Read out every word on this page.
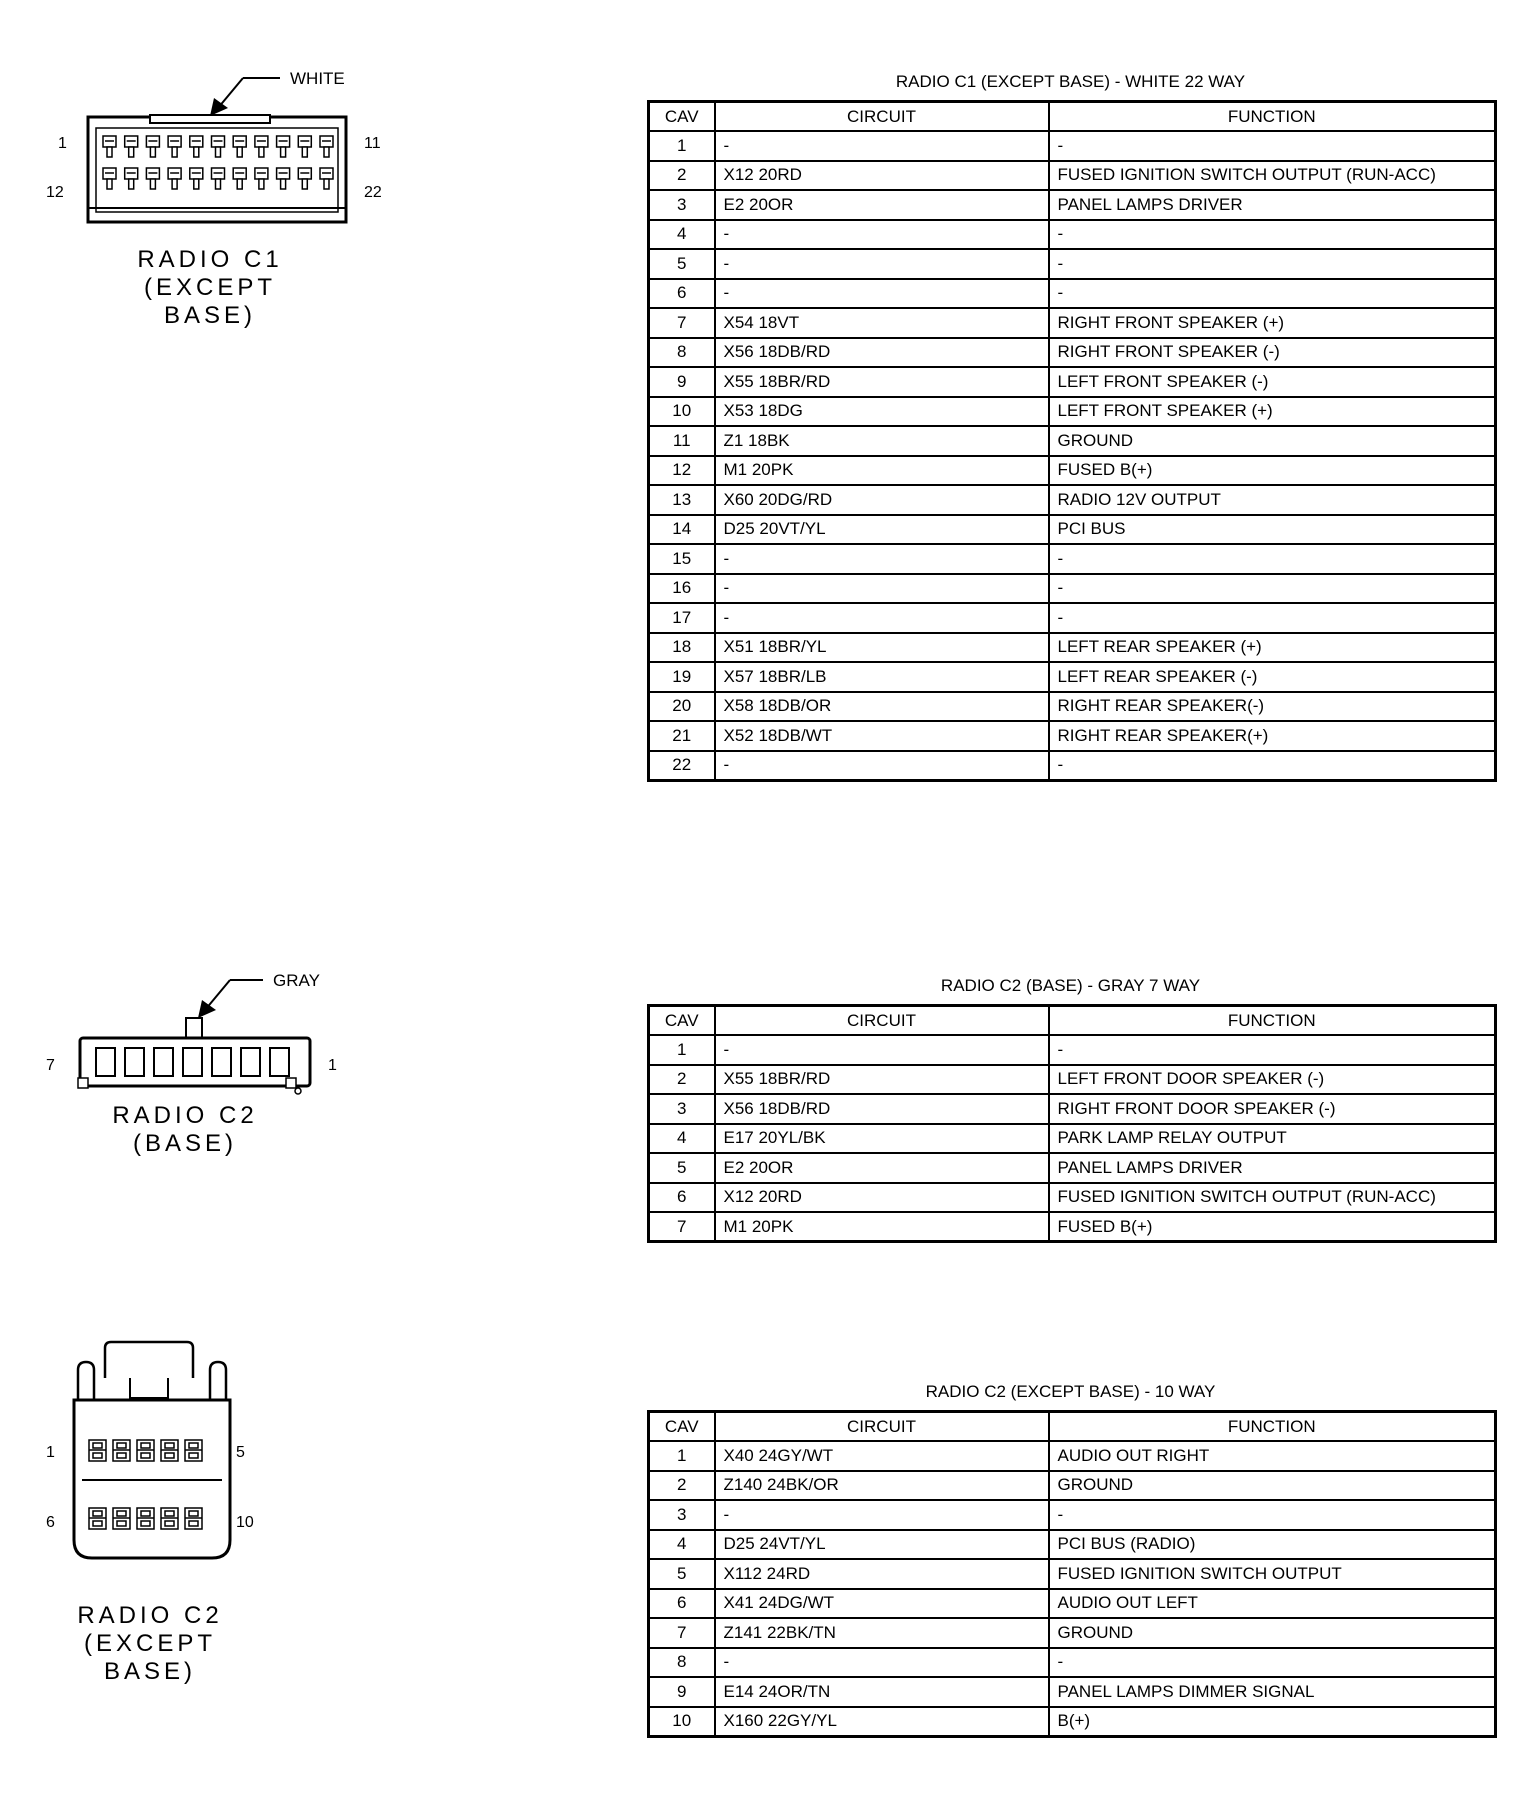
WHITE
1	11
12	22
RADIO C1
(EXCEPT
BASE)
RADIO C1 (EXCEPT BASE) - WHITE 22 WAY
CAV	CIRCUIT	FUNCTION
1	-	-
2	X12 20RD	FUSED IGNITION SWITCH OUTPUT (RUN-ACC)
3	E2 20OR	PANEL LAMPS DRIVER
4	-	-
5	-	-
6	-	-
7	X54 18VT	RIGHT FRONT SPEAKER (+)
8	X56 18DB/RD	RIGHT FRONT SPEAKER (-)
9	X55 18BR/RD	LEFT FRONT SPEAKER (-)
10	X53 18DG	LEFT FRONT SPEAKER (+)
11	Z1 18BK	GROUND
12	M1 20PK	FUSED B(+)
13	X60 20DG/RD	RADIO 12V OUTPUT
14	D25 20VT/YL	PCI BUS
15	-	-
16	-	-
17	-	-
18	X51 18BR/YL	LEFT REAR SPEAKER (+)
19	X57 18BR/LB	LEFT REAR SPEAKER (-)
20	X58 18DB/OR	RIGHT REAR SPEAKER(-)
21	X52 18DB/WT	RIGHT REAR SPEAKER(+)
22	-	-
GRAY
7	1
RADIO C2
(BASE)
RADIO C2 (BASE) - GRAY 7 WAY
CAV	CIRCUIT	FUNCTION
1	-	-
2	X55 18BR/RD	LEFT FRONT DOOR SPEAKER (-)
3	X56 18DB/RD	RIGHT FRONT DOOR SPEAKER (-)
4	E17 20YL/BK	PARK LAMP RELAY OUTPUT
5	E2 20OR	PANEL LAMPS DRIVER
6	X12 20RD	FUSED IGNITION SWITCH OUTPUT (RUN-ACC)
7	M1 20PK	FUSED B(+)
1	5
6	10
RADIO C2
(EXCEPT
BASE)
RADIO C2 (EXCEPT BASE) - 10 WAY
CAV	CIRCUIT	FUNCTION
1	X40 24GY/WT	AUDIO OUT RIGHT
2	Z140 24BK/OR	GROUND
3	-	-
4	D25 24VT/YL	PCI BUS (RADIO)
5	X112 24RD	FUSED IGNITION SWITCH OUTPUT
6	X41 24DG/WT	AUDIO OUT LEFT
7	Z141 22BK/TN	GROUND
8	-	-
9	E14 24OR/TN	PANEL LAMPS DIMMER SIGNAL
10	X160 22GY/YL	B(+)
